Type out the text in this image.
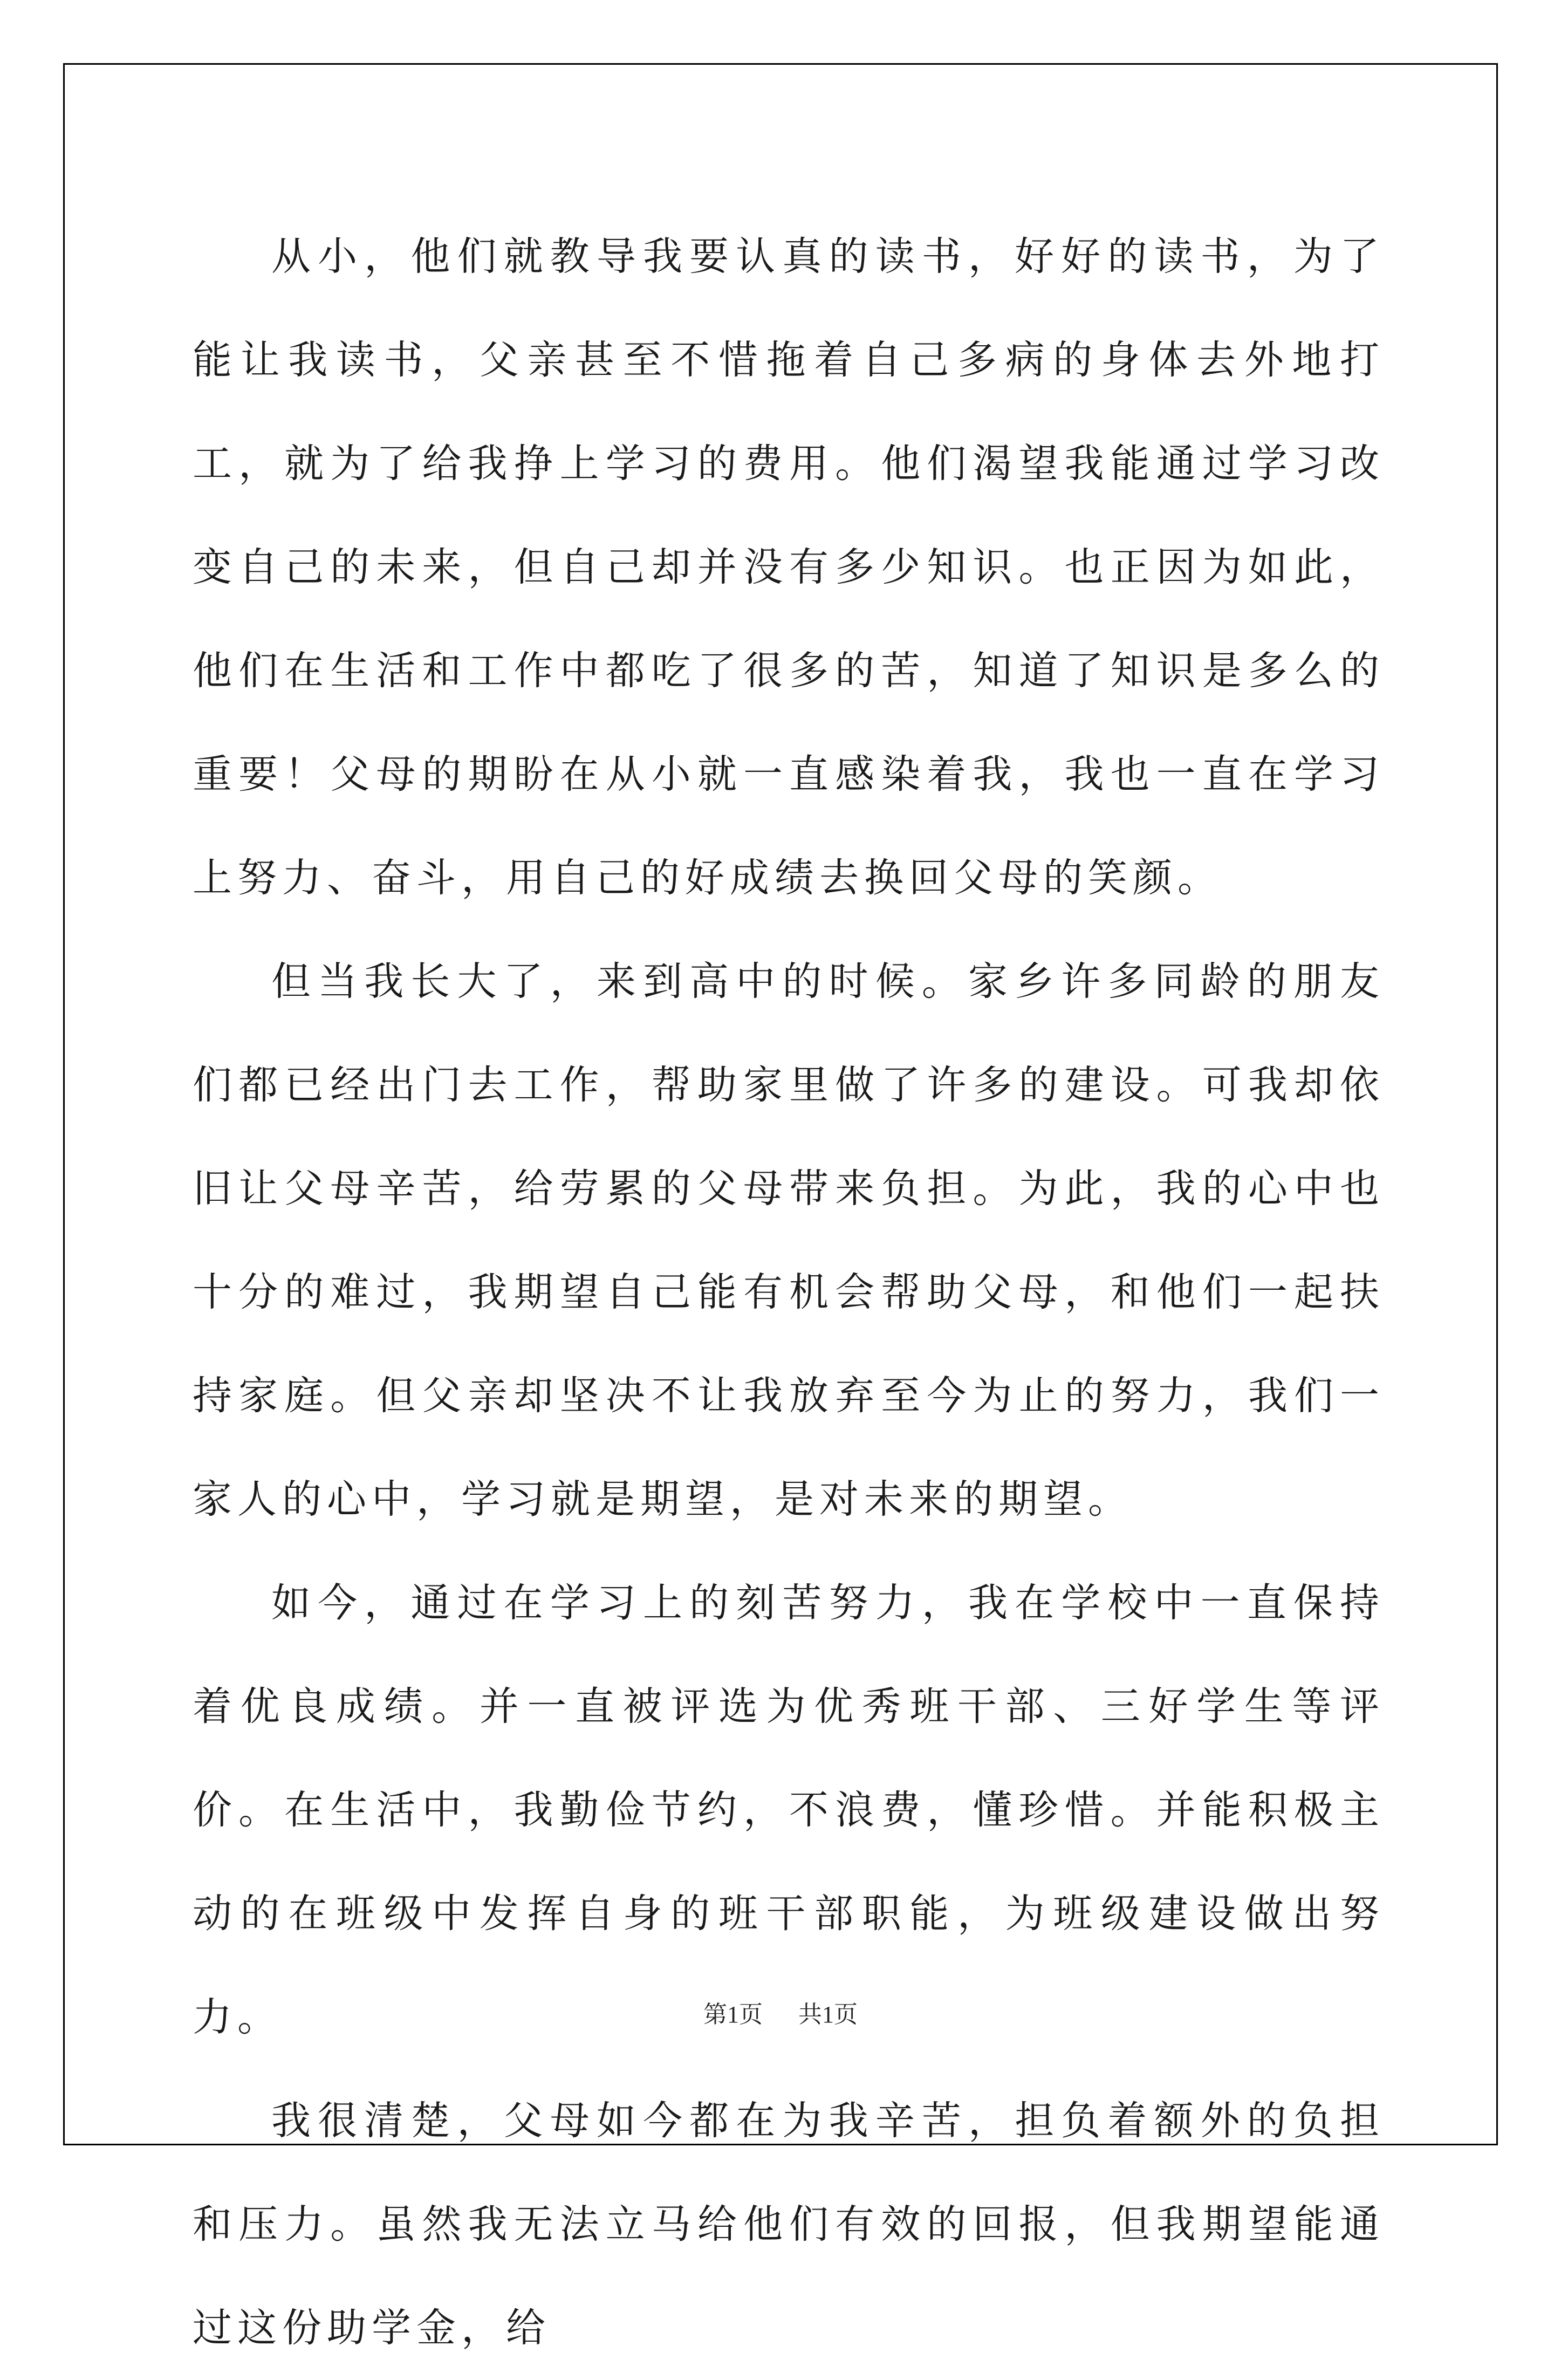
从小，他们就教导我要认真的读书，好好的读书，为了能让我读书，父亲甚至不惜拖着自己多病的身体去外地打工，就为了给我挣上学习的费用。他们渴望我能通过学习改变自己的未来，但自己却并没有多少知识。也正因为如此，他们在生活和工作中都吃了很多的苦，知道了知识是多么的重要！父母的期盼在从小就一直感染着我，我也一直在学习上努力、奋斗，用自己的好成绩去换回父母的笑颜。

但当我长大了，来到高中的时候。家乡许多同龄的朋友们都已经出门去工作，帮助家里做了许多的建设。可我却依旧让父母辛苦，给劳累的父母带来负担。为此，我的心中也十分的难过，我期望自己能有机会帮助父母，和他们一起扶持家庭。但父亲却坚决不让我放弃至今为止的努力，我们一家人的心中，学习就是期望，是对未来的期望。

如今，通过在学习上的刻苦努力，我在学校中一直保持着优良成绩。并一直被评选为优秀班干部、三好学生等评价。在生活中，我勤俭节约，不浪费，懂珍惜。并能积极主动的在班级中发挥自身的班干部职能，为班级建设做出努力。

我很清楚，父母如今都在为我辛苦，担负着额外的负担和压力。虽然我无法立马给他们有效的回报，但我期望能通过这份助学金，给

第1页 共1页
